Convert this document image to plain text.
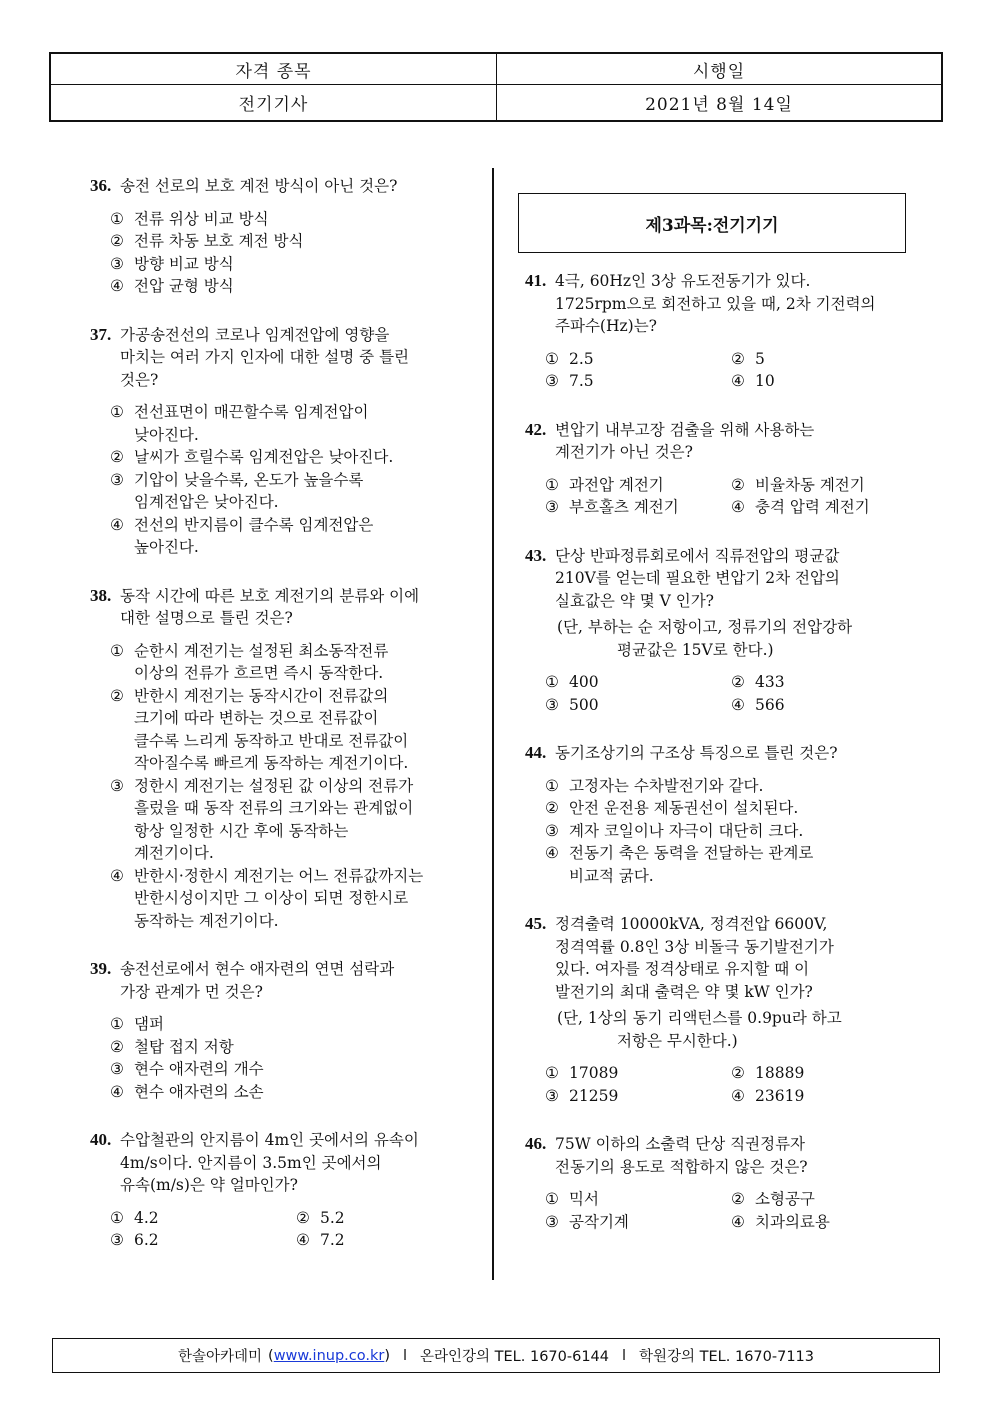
자격 종목	시행일
전기기사	2021년 8월 14일
36. 송전 선로의 보호 계전 방식이 아닌 것은?
① 전류 위상 비교 방식
② 전류 차동 보호 계전 방식
③ 방향 비교 방식
④ 전압 균형 방식
37. 가공송전선의 코로나 임계전압에 영향을
마치는 여러 가지 인자에 대한 설명 중 틀린
것은?
① 전선표면이 매끈할수록 임계전압이
낮아진다.
② 날씨가 흐릴수록 임계전압은 낮아진다.
③ 기압이 낮을수록, 온도가 높을수록
임계전압은 낮아진다.
④ 전선의 반지름이 클수록 임계전압은
높아진다.
38. 동작 시간에 따른 보호 계전기의 분류와 이에
대한 설명으로 틀린 것은?
① 순한시 계전기는 설정된 최소동작전류
이상의 전류가 흐르면 즉시 동작한다.
② 반한시 계전기는 동작시간이 전류값의
크기에 따라 변하는 것으로 전류값이
클수록 느리게 동작하고 반대로 전류값이
작아질수록 빠르게 동작하는 계전기이다.
③ 정한시 계전기는 설정된 값 이상의 전류가
흘렀을 때 동작 전류의 크기와는 관계없이
항상 일정한 시간 후에 동작하는
계전기이다.
④ 반한시·정한시 계전기는 어느 전류값까지는
반한시성이지만 그 이상이 되면 정한시로
동작하는 계전기이다.
39. 송전선로에서 현수 애자련의 연면 섬락과
가장 관계가 먼 것은?
① 댐퍼
② 철탑 접지 저항
③ 현수 애자련의 개수
④ 현수 애자련의 소손
40. 수압철관의 안지름이 4m인 곳에서의 유속이
4m/s이다. 안지름이 3.5m인 곳에서의
유속(m/s)은 약 얼마인가?
① 4.2	② 5.2
③ 6.2	④ 7.2
제3과목:전기기기
41. 4극, 60Hz인 3상 유도전동기가 있다.
1725rpm으로 회전하고 있을 때, 2차 기전력의
주파수(Hz)는?
① 2.5	② 5
③ 7.5	④ 10
42. 변압기 내부고장 검출을 위해 사용하는
계전기가 아닌 것은?
① 과전압 계전기	② 비율차동 계전기
③ 부흐홀츠 계전기	④ 충격 압력 계전기
43. 단상 반파정류회로에서 직류전압의 평균값
210V를 얻는데 필요한 변압기 2차 전압의
실효값은 약 몇 V 인가?
(단, 부하는 순 저항이고, 정류기의 전압강하
평균값은 15V로 한다.)
① 400	② 433
③ 500	④ 566
44. 동기조상기의 구조상 특징으로 틀린 것은?
① 고정자는 수차발전기와 같다.
② 안전 운전용 제동권선이 설치된다.
③ 계자 코일이나 자극이 대단히 크다.
④ 전동기 축은 동력을 전달하는 관계로
비교적 굵다.
45. 정격출력 10000kVA, 정격전압 6600V,
정격역률 0.8인 3상 비돌극 동기발전기가
있다. 여자를 정격상태로 유지할 때 이
발전기의 최대 출력은 약 몇 kW 인가?
(단, 1상의 동기 리액턴스를 0.9pu라 하고
저항은 무시한다.)
① 17089	② 18889
③ 21259	④ 23619
46. 75W 이하의 소출력 단상 직권정류자
전동기의 용도로 적합하지 않은 것은?
① 믹서	② 소형공구
③ 공작기계	④ 치과의료용
한솔아카데미 ( www.inup.co.kr ) l 온라인강의 TEL. 1670-6144 l 학원강의 TEL. 1670-7113
